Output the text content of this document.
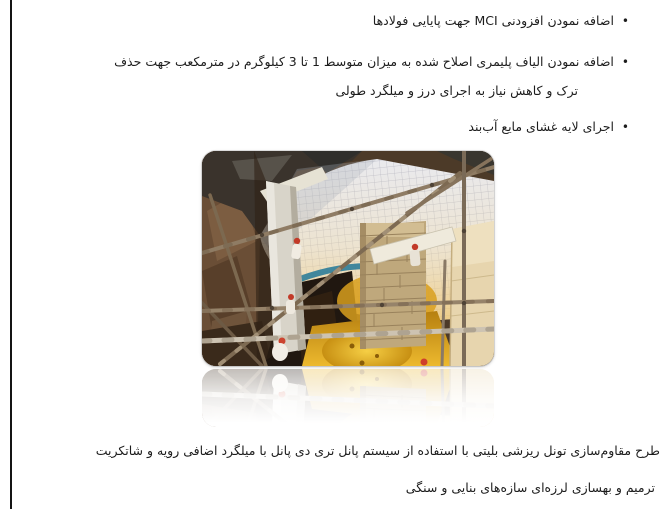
•اضافه نمودن افزودنی MCI جهت پایایی فولادها
•اضافه نمودن الیاف پلیمری اصلاح شده به میزان متوسط 1 تا 3 کیلوگرم در مترمکعب جهت حذف
ترک و کاهش نیاز به اجرای درز و میلگرد طولی
•اجرای لایه غشای مایع آب‌بند
طرح مقاوم‌سازی تونل ریزشی بلیتی با استفاده از سیستم پانل تری دی پانل با میلگرد اضافی رویه و شاتکریت
ترمیم و بهسازی لرزه‌ای سازه‌های بنایی و سنگی
